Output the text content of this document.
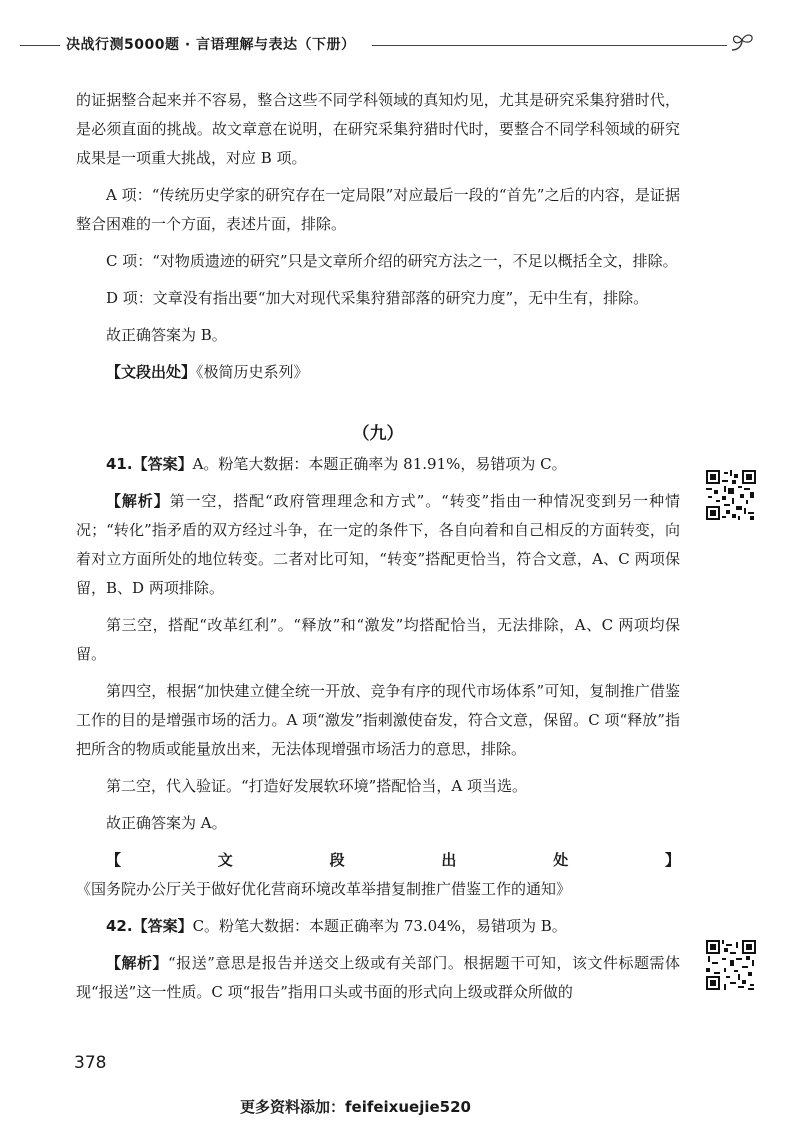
决战行测5000题 · 言语理解与表达（下册）

的证据整合起来并不容易，整合这些不同学科领域的真知灼见，尤其是研究采集狩猎时代，是必须直面的挑战。故文章意在说明，在研究采集狩猎时代时，要整合不同学科领域的研究成果是一项重大挑战，对应 B 项。

A 项：“传统历史学家的研究存在一定局限”对应最后一段的“首先”之后的内容，是证据整合困难的一个方面，表述片面，排除。

C 项：“对物质遗迹的研究”只是文章所介绍的研究方法之一，不足以概括全文，排除。

D 项：文章没有指出要“加大对现代采集狩猎部落的研究力度”，无中生有，排除。

故正确答案为 B。

【文段出处】《极简历史系列》

（九）

41.【答案】A。粉笔大数据：本题正确率为 81.91%，易错项为 C。

【解析】第一空，搭配“政府管理理念和方式”。“转变”指由一种情况变到另一种情况；“转化”指矛盾的双方经过斗争，在一定的条件下，各自向着和自己相反的方面转变，向着对立方面所处的地位转变。二者对比可知，“转变”搭配更恰当，符合文意，A、C 两项保留，B、D 两项排除。

第三空，搭配“改革红利”。“释放”和“激发”均搭配恰当，无法排除，A、C 两项均保留。

第四空，根据“加快建立健全统一开放、竞争有序的现代市场体系”可知，复制推广借鉴工作的目的是增强市场的活力。A 项“激发”指刺激使奋发，符合文意，保留。C 项“释放”指把所含的物质或能量放出来，无法体现增强市场活力的意思，排除。

第二空，代入验证。“打造好发展软环境”搭配恰当，A 项当选。

故正确答案为 A。

【文段出处】《国务院办公厅关于做好优化营商环境改革举措复制推广借鉴工作的通知》

42.【答案】C。粉笔大数据：本题正确率为 73.04%，易错项为 B。

【解析】“报送”意思是报告并送交上级或有关部门。根据题干可知，该文件标题需体现“报送”这一性质。C 项“报告”指用口头或书面的形式向上级或群众所做的

378
更多资料添加：feifeixuejie520
